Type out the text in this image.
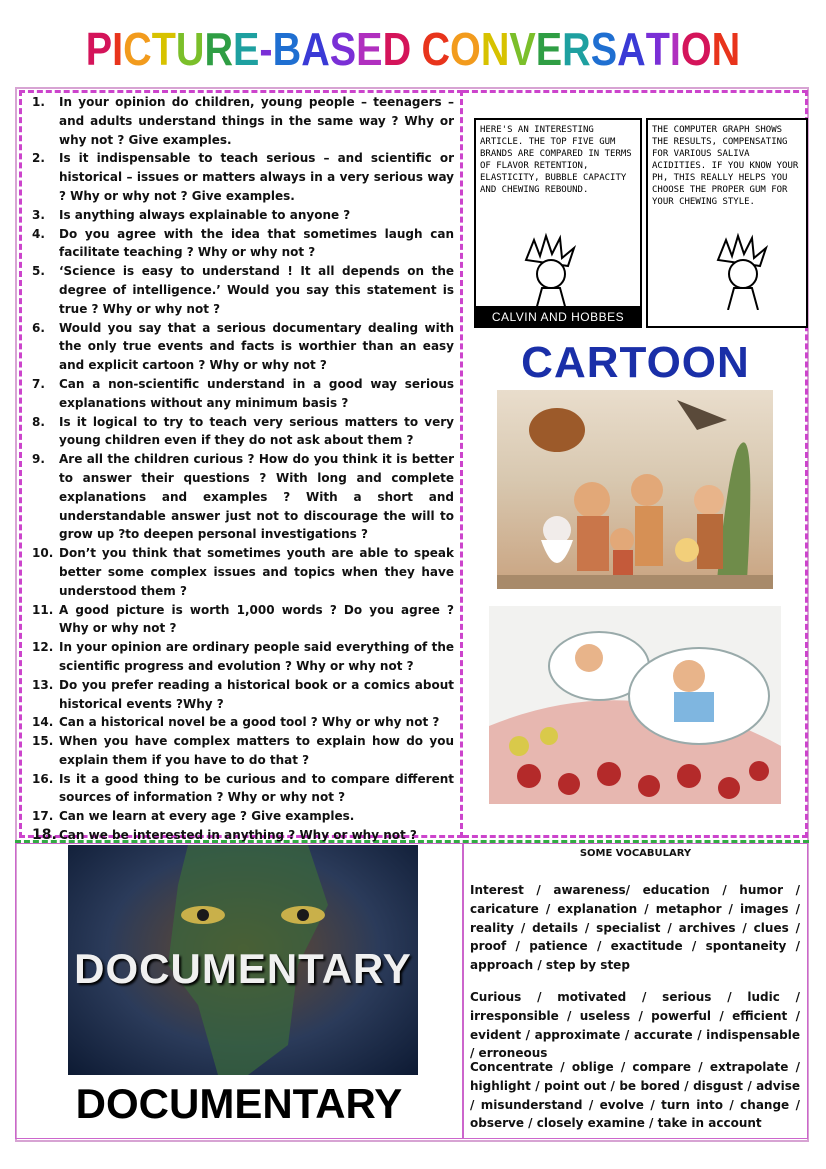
PICTURE-BASED CONVERSATION
1.	In your opinion do children, young people – teenagers – and adults understand things in the same way ? Why or why not ? Give examples.
2.	Is it indispensable to teach serious – and scientific or historical – issues or matters always in a very serious way ? Why or why not ? Give examples.
3.	Is anything always explainable to anyone ?
4.	Do you agree with the idea that sometimes laugh can facilitate teaching ? Why or why not ?
5.	‘Science is easy to understand ! It all depends on the degree of intelligence.’ Would you say this statement is true ? Why or why not ?
6.	Would you say that a serious documentary dealing with the only true events and facts is worthier than an easy and explicit cartoon ? Why or why not ?
7.	Can a non-scientific understand in a good way serious explanations without any minimum basis ?
8.	Is it logical to try to teach very serious matters to very young children even if they do not ask about them ?
9.	Are all the children curious ? How do you think it is better to answer their questions ? With long and complete explanations and examples ? With a short and understandable answer just not to discourage the will to grow up ?to deepen personal investigations ?
10. Don’t you think that sometimes youth are able to speak better some complex issues and topics when they have understood them ?
11. A good picture is worth 1,000 words ? Do you agree ? Why or why not ?
12. In your opinion are ordinary people said everything of the scientific progress and evolution ? Why or why not ?
13. Do you prefer reading a historical book or a comics about historical events ?Why ?
14. Can a historical novel be a good tool ? Why or why not ?
15. When you have complex matters to explain how do you explain them if you have to do that ?
16. Is it a good thing to be curious and to compare different sources of information ? Why or why not ?
17. Can we learn at every age ? Give examples.
18. Can we be interested in anything ? Why or why not ?
HERE'S AN INTERESTING ARTICLE. THE TOP FIVE GUM BRANDS ARE COMPARED IN TERMS OF FLAVOR RETENTION, ELASTICITY, BUBBLE CAPACITY AND CHEWING REBOUND.
THE COMPUTER GRAPH SHOWS THE RESULTS, COMPENSATING FOR VARIOUS SALIVA ACIDITIES. IF YOU KNOW YOUR PH, THIS REALLY HELPS YOU CHOOSE THE PROPER GUM FOR YOUR CHEWING STYLE.
CALVIN AND HOBBES
CARTOON
DOCUMENTARY
DOCUMENTARY
SOME VOCABULARY
Interest / awareness/ education / humor / caricature / explanation / metaphor / images / reality / details / specialist / archives / clues / proof / patience / exactitude / spontaneity / approach / step by step
Curious / motivated / serious / ludic / irresponsible / useless / powerful / efficient / evident / approximate / accurate / indispensable / erroneous
Concentrate / oblige / compare / extrapolate / highlight / point out / be bored / disgust / advise / misunderstand / evolve / turn into / change / observe / closely examine / take in account
